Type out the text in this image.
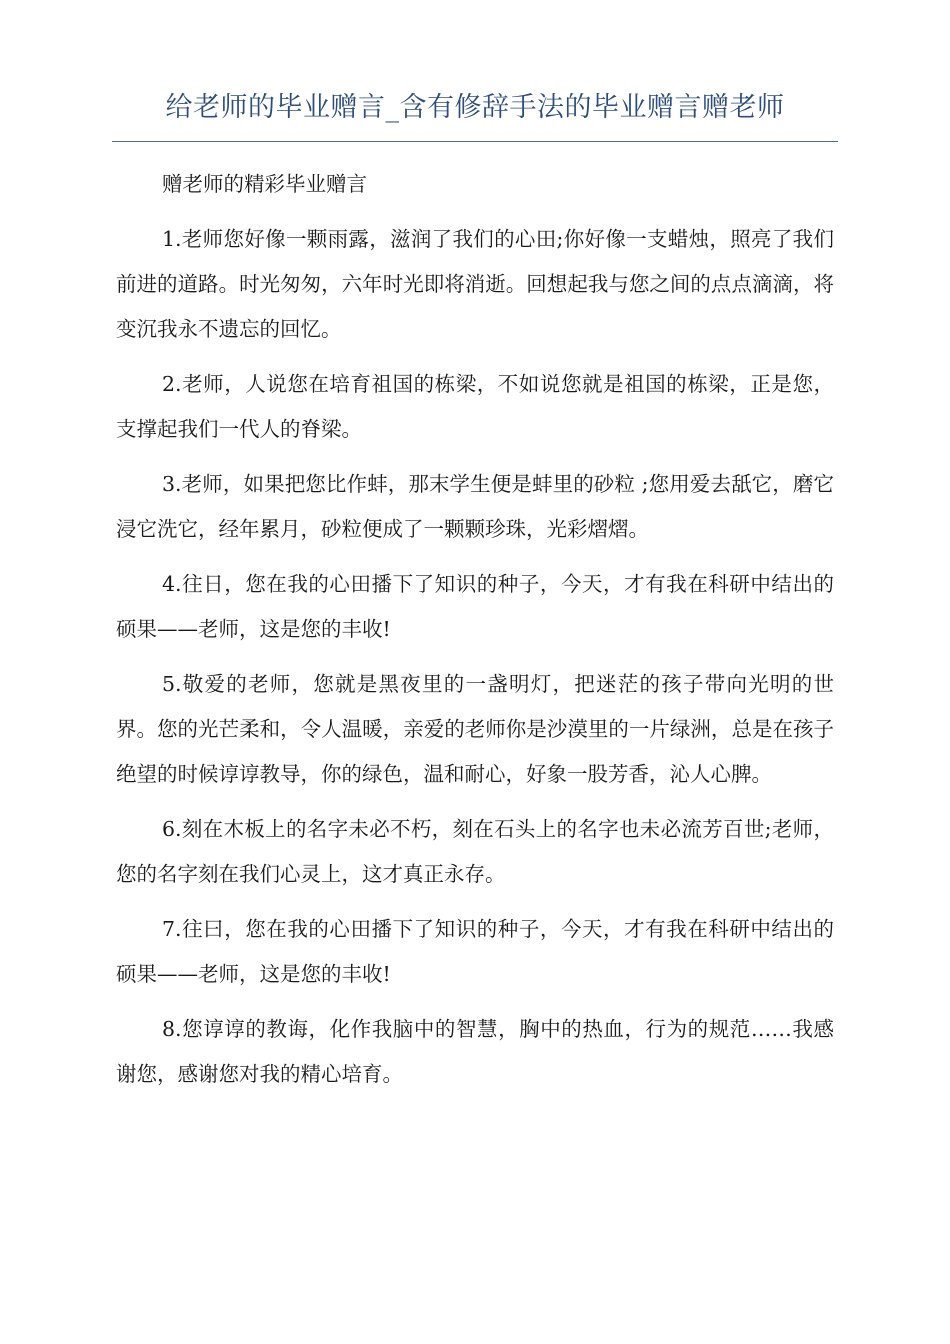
给老师的毕业赠言_含有修辞手法的毕业赠言赠老师

赠老师的精彩毕业赠言

1.老师您好像一颗雨露，滋润了我们的心田;你好像一支蜡烛，照亮了我们前进的道路。时光匆匆，六年时光即将消逝。回想起我与您之间的点点滴滴，将变沉我永不遗忘的回忆。

2.老师，人说您在培育祖国的栋梁，不如说您就是祖国的栋梁，正是您，支撑起我们一代人的脊梁。

3.老师，如果把您比作蚌，那末学生便是蚌里的砂粒 ;您用爱去舐它，磨它浸它洗它，经年累月，砂粒便成了一颗颗珍珠，光彩熠熠。

4.往日，您在我的心田播下了知识的种子，今天，才有我在科研中结出的硕果——老师，这是您的丰收!

5.敬爱的老师，您就是黑夜里的一盏明灯，把迷茫的孩子带向光明的世界。您的光芒柔和，令人温暖，亲爱的老师你是沙漠里的一片绿洲，总是在孩子绝望的时候谆谆教导，你的绿色，温和耐心，好象一股芳香，沁人心脾。

6.刻在木板上的名字未必不朽，刻在石头上的名字也未必流芳百世;老师，您的名字刻在我们心灵上，这才真正永存。

7.往曰，您在我的心田播下了知识的种子，今天，才有我在科研中结出的硕果——老师，这是您的丰收!

8.您谆谆的教诲，化作我脑中的智慧，胸中的热血，行为的规范……我感谢您，感谢您对我的精心培育。
